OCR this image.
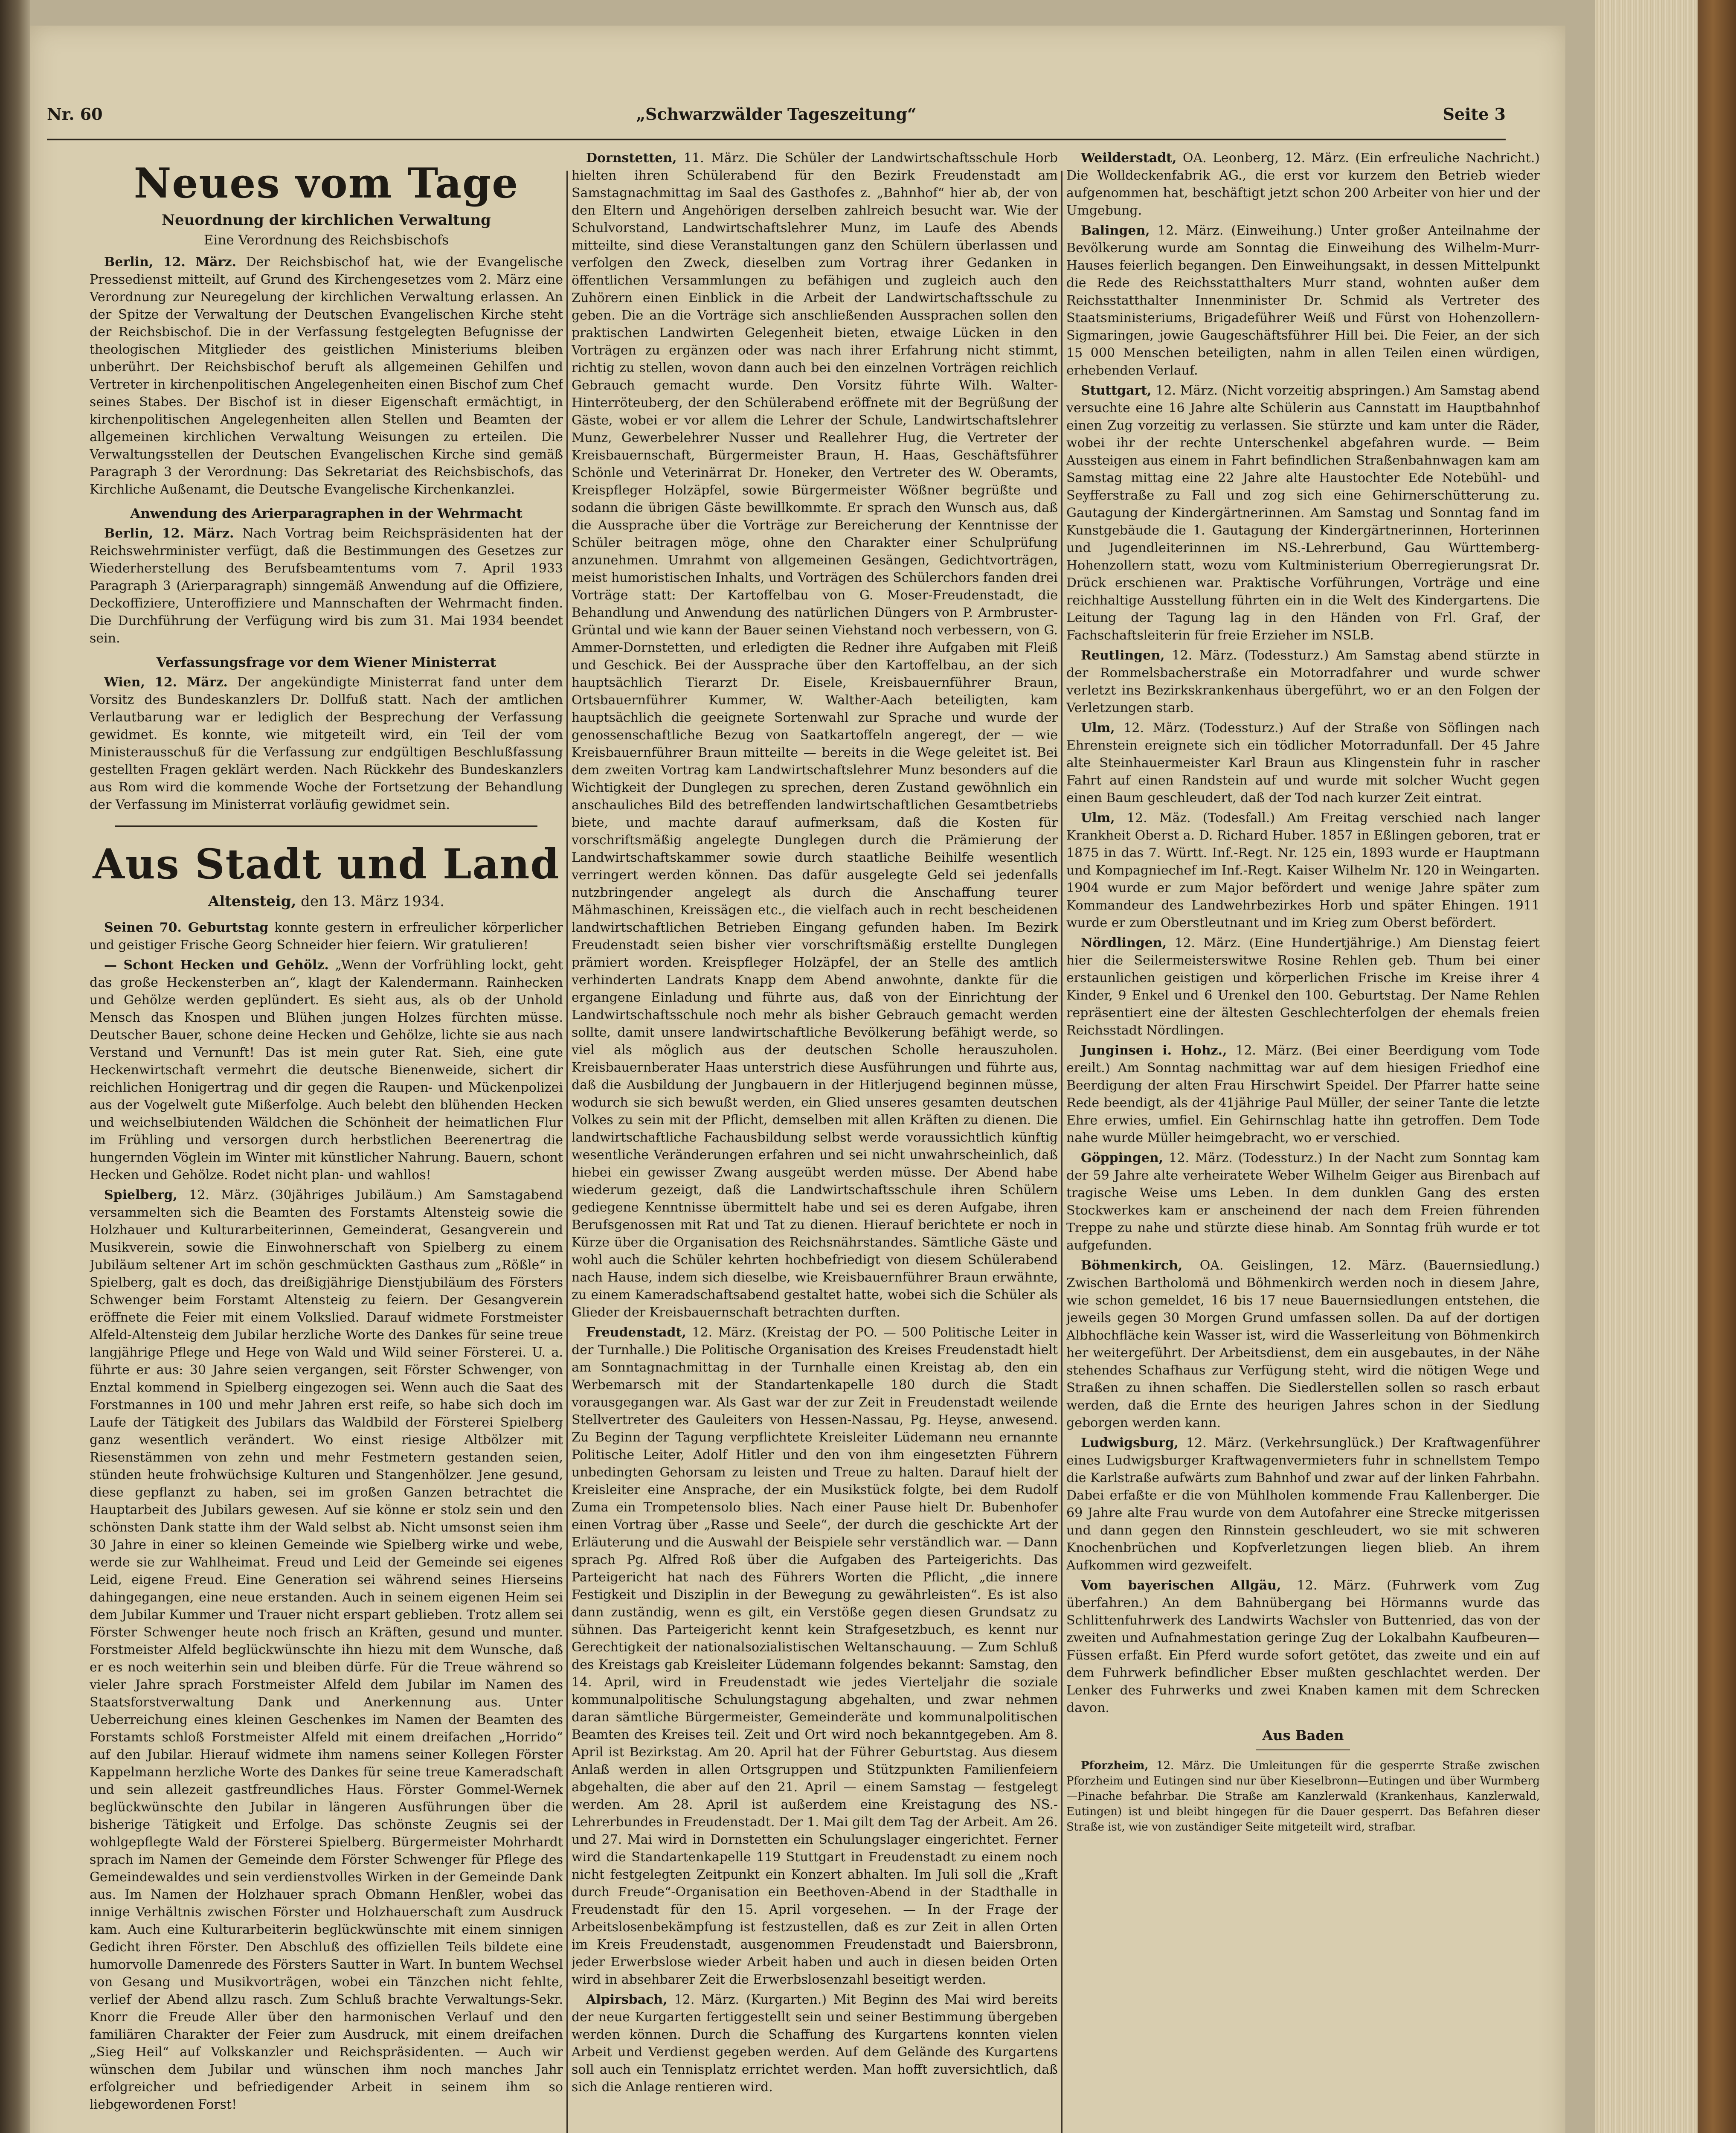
Nr. 60	„Schwarzwälder Tageszeitung“	Seite 3
Neues vom Tage
Neuordnung der kirchlichen Verwaltung
Eine Verordnung des Reichsbischofs

Berlin, 12. März. Der Reichsbischof hat, wie der Evangelische Pressedienst mitteilt, auf Grund des Kirchengesetzes vom 2. März eine Verordnung zur Neuregelung der kirchlichen Verwaltung erlassen. An der Spitze der Verwaltung der Deutschen Evangelischen Kirche steht der Reichsbischof. Die in der Verfassung festgelegten Befugnisse der theologischen Mitglieder des geistlichen Ministeriums bleiben unberührt. Der Reichsbischof beruft als allgemeinen Gehilfen und Vertreter in kirchenpolitischen Angelegenheiten einen Bischof zum Chef seines Stabes. Der Bischof ist in dieser Eigenschaft ermächtigt, in kirchenpolitischen Angelegenheiten allen Stellen und Beamten der allgemeinen kirchlichen Verwaltung Weisungen zu erteilen. Die Verwaltungsstellen der Deutschen Evangelischen Kirche sind gemäß Paragraph 3 der Verordnung: Das Sekretariat des Reichsbischofs, das Kirchliche Außenamt, die Deutsche Evangelische Kirchenkanzlei.

Anwendung des Arierparagraphen in der Wehrmacht

Berlin, 12. März. Nach Vortrag beim Reichspräsidenten hat der Reichswehrminister verfügt, daß die Bestimmungen des Gesetzes zur Wiederherstellung des Berufsbeamtentums vom 7. April 1933 Paragraph 3 (Arierparagraph) sinngemäß Anwendung auf die Offiziere, Deckoffiziere, Unteroffiziere und Mannschaften der Wehrmacht finden. Die Durchführung der Verfügung wird bis zum 31. Mai 1934 beendet sein.

Verfassungsfrage vor dem Wiener Ministerrat

Wien, 12. März. Der angekündigte Ministerrat fand unter dem Vorsitz des Bundeskanzlers Dr. Dollfuß statt. Nach der amtlichen Verlautbarung war er lediglich der Besprechung der Verfassung gewidmet. Es konnte, wie mitgeteilt wird, ein Teil der vom Ministerausschuß für die Verfassung zur endgültigen Beschlußfassung gestellten Fragen geklärt werden. Nach Rückkehr des Bundeskanzlers aus Rom wird die kommende Woche der Fortsetzung der Behandlung der Verfassung im Ministerrat vorläufig gewidmet sein.

Aus Stadt und Land
Altensteig, den 13. März 1934.

Seinen 70. Geburtstag konnte gestern in erfreulicher körperlicher und geistiger Frische Georg Schneider hier feiern. Wir gratulieren!

— Schont Hecken und Gehölz. „Wenn der Vorfrühling lockt, geht das große Heckensterben an“, klagt der Kalendermann. Rainhecken und Gehölze werden geplündert. Es sieht aus, als ob der Unhold Mensch das Knospen und Blühen jungen Holzes fürchten müsse. Deutscher Bauer, schone deine Hecken und Gehölze, lichte sie aus nach Verstand und Vernunft! Das ist mein guter Rat. Sieh, eine gute Heckenwirtschaft vermehrt die deutsche Bienenweide, sichert dir reichlichen Honigertrag und dir gegen die Raupen- und Mückenpolizei aus der Vogelwelt gute Mißerfolge. Auch belebt den blühenden Hecken und weichselbiutenden Wäldchen die Schönheit der heimatlichen Flur im Frühling und versorgen durch herbstlichen Beerenertrag die hungernden Vöglein im Winter mit künstlicher Nahrung. Bauern, schont Hecken und Gehölze. Rodet nicht plan- und wahllos!

Spielberg, 12. März. (30jähriges Jubiläum.) Am Samstagabend versammelten sich die Beamten des Forstamts Altensteig sowie die Holzhauer und Kulturarbeiterinnen, Gemeinderat, Gesangverein und Musikverein, sowie die Einwohnerschaft von Spielberg zu einem Jubiläum seltener Art im schön geschmückten Gasthaus zum „Rößle“ in Spielberg, galt es doch, das dreißigjährige Dienstjubiläum des Försters Schwenger beim Forstamt Altensteig zu feiern. Der Gesangverein eröffnete die Feier mit einem Volkslied. Darauf widmete Forstmeister Alfeld-Altensteig dem Jubilar herzliche Worte des Dankes für seine treue langjährige Pflege und Hege von Wald und Wild seiner Försterei. U. a. führte er aus: 30 Jahre seien vergangen, seit Förster Schwenger, von Enztal kommend in Spielberg eingezogen sei. Wenn auch die Saat des Forstmannes in 100 und mehr Jahren erst reife, so habe sich doch im Laufe der Tätigkeit des Jubilars das Waldbild der Försterei Spielberg ganz wesentlich verändert. Wo einst riesige Altbölzer mit Riesenstämmen von zehn und mehr Festmetern gestanden seien, stünden heute frohwüchsige Kulturen und Stangenhölzer. Jene gesund, diese gepflanzt zu haben, sei im großen Ganzen betrachtet die Hauptarbeit des Jubilars gewesen. Auf sie könne er stolz sein und den schönsten Dank statte ihm der Wald selbst ab. Nicht umsonst seien ihm 30 Jahre in einer so kleinen Gemeinde wie Spielberg wirke und webe, werde sie zur Wahlheimat. Freud und Leid der Gemeinde sei eigenes Leid, eigene Freud. Eine Generation sei während seines Hierseins dahingegangen, eine neue erstanden. Auch in seinem eigenen Heim sei dem Jubilar Kummer und Trauer nicht erspart geblieben. Trotz allem sei Förster Schwenger heute noch frisch an Kräften, gesund und munter. Forstmeister Alfeld beglückwünschte ihn hiezu mit dem Wunsche, daß er es noch weiterhin sein und bleiben dürfe. Für die Treue während so vieler Jahre sprach Forstmeister Alfeld dem Jubilar im Namen des Staatsforstverwaltung Dank und Anerkennung aus. Unter Ueberreichung eines kleinen Geschenkes im Namen der Beamten des Forstamts schloß Forstmeister Alfeld mit einem dreifachen „Horrido“ auf den Jubilar. Hierauf widmete ihm namens seiner Kollegen Förster Kappelmann herzliche Worte des Dankes für seine treue Kameradschaft und sein allezeit gastfreundliches Haus. Förster Gommel-Wernek beglückwünschte den Jubilar in längeren Ausführungen über die bisherige Tätigkeit und Erfolge. Das schönste Zeugnis sei der wohlgepflegte Wald der Försterei Spielberg. Bürgermeister Mohrhardt sprach im Namen der Gemeinde dem Förster Schwenger für Pflege des Gemeindewaldes und sein verdienstvolles Wirken in der Gemeinde Dank aus. Im Namen der Holzhauer sprach Obmann Henßler, wobei das innige Verhältnis zwischen Förster und Holzhauerschaft zum Ausdruck kam. Auch eine Kulturarbeiterin beglückwünschte mit einem sinnigen Gedicht ihren Förster. Den Abschluß des offiziellen Teils bildete eine humorvolle Damenrede des Försters Sautter in Wart. In buntem Wechsel von Gesang und Musikvorträgen, wobei ein Tänzchen nicht fehlte, verlief der Abend allzu rasch. Zum Schluß brachte Verwaltungs-Sekr. Knorr die Freude Aller über den harmonischen Verlauf und den familiären Charakter der Feier zum Ausdruck, mit einem dreifachen „Sieg Heil“ auf Volkskanzler und Reichspräsidenten. — Auch wir wünschen dem Jubilar und wünschen ihm noch manches Jahr erfolgreicher und befriedigender Arbeit in seinem ihm so liebgewordenen Forst!

Dornstetten, 11. März. Die Schüler der Landwirtschaftsschule Horb hielten ihren Schülerabend für den Bezirk Freudenstadt am Samstagnachmittag im Saal des Gasthofes z. „Bahnhof“ hier ab, der von den Eltern und Angehörigen derselben zahlreich besucht war. Wie der Schulvorstand, Landwirtschaftslehrer Munz, im Laufe des Abends mitteilte, sind diese Veranstaltungen ganz den Schülern überlassen und verfolgen den Zweck, dieselben zum Vortrag ihrer Gedanken in öffentlichen Versammlungen zu befähigen und zugleich auch den Zuhörern einen Einblick in die Arbeit der Landwirtschaftsschule zu geben. Die an die Vorträge sich anschließenden Aussprachen sollen den praktischen Landwirten Gelegenheit bieten, etwaige Lücken in den Vorträgen zu ergänzen oder was nach ihrer Erfahrung nicht stimmt, richtig zu stellen, wovon dann auch bei den einzelnen Vorträgen reichlich Gebrauch gemacht wurde. Den Vorsitz führte Wilh. Walter-Hinterröteuberg, der den Schülerabend eröffnete mit der Begrüßung der Gäste, wobei er vor allem die Lehrer der Schule, Landwirtschaftslehrer Munz, Gewerbelehrer Nusser und Reallehrer Hug, die Vertreter der Kreisbauernschaft, Bürgermeister Braun, H. Haas, Geschäftsführer Schönle und Veterinärrat Dr. Honeker, den Vertreter des W. Oberamts, Kreispfleger Holzäpfel, sowie Bürgermeister Wößner begrüßte und sodann die übrigen Gäste bewillkommte. Er sprach den Wunsch aus, daß die Aussprache über die Vorträge zur Bereicherung der Kenntnisse der Schüler beitragen möge, ohne den Charakter einer Schulprüfung anzunehmen. Umrahmt von allgemeinen Gesängen, Gedichtvorträgen, meist humoristischen Inhalts, und Vorträgen des Schülerchors fanden drei Vorträge statt: Der Kartoffelbau von G. Moser-Freudenstadt, die Behandlung und Anwendung des natürlichen Düngers von P. Armbruster-Grüntal und wie kann der Bauer seinen Viehstand noch verbessern, von G. Ammer-Dornstetten, und erledigten die Redner ihre Aufgaben mit Fleiß und Geschick. Bei der Aussprache über den Kartoffelbau, an der sich hauptsächlich Tierarzt Dr. Eisele, Kreisbauernführer Braun, Ortsbauernführer Kummer, W. Walther-Aach beteiligten, kam hauptsächlich die geeignete Sortenwahl zur Sprache und wurde der genossenschaftliche Bezug von Saatkartoffeln angeregt, der — wie Kreisbauernführer Braun mitteilte — bereits in die Wege geleitet ist. Bei dem zweiten Vortrag kam Landwirtschaftslehrer Munz besonders auf die Wichtigkeit der Dunglegen zu sprechen, deren Zustand gewöhnlich ein anschauliches Bild des betreffenden landwirtschaftlichen Gesamtbetriebs biete, und machte darauf aufmerksam, daß die Kosten für vorschriftsmäßig angelegte Dunglegen durch die Prämierung der Landwirtschaftskammer sowie durch staatliche Beihilfe wesentlich verringert werden können. Das dafür ausgelegte Geld sei jedenfalls nutzbringender angelegt als durch die Anschaffung teurer Mähmaschinen, Kreissägen etc., die vielfach auch in recht bescheidenen landwirtschaftlichen Betrieben Eingang gefunden haben. Im Bezirk Freudenstadt seien bisher vier vorschriftsmäßig erstellte Dunglegen prämiert worden. Kreispfleger Holzäpfel, der an Stelle des amtlich verhinderten Landrats Knapp dem Abend anwohnte, dankte für die ergangene Einladung und führte aus, daß von der Einrichtung der Landwirtschaftsschule noch mehr als bisher Gebrauch gemacht werden sollte, damit unsere landwirtschaftliche Bevölkerung befähigt werde, so viel als möglich aus der deutschen Scholle herauszuholen. Kreisbauernberater Haas unterstrich diese Ausführungen und führte aus, daß die Ausbildung der Jungbauern in der Hitlerjugend beginnen müsse, wodurch sie sich bewußt werden, ein Glied unseres gesamten deutschen Volkes zu sein mit der Pflicht, demselben mit allen Kräften zu dienen. Die landwirtschaftliche Fachausbildung selbst werde voraussichtlich künftig wesentliche Veränderungen erfahren und sei nicht unwahrscheinlich, daß hiebei ein gewisser Zwang ausgeübt werden müsse. Der Abend habe wiederum gezeigt, daß die Landwirtschaftsschule ihren Schülern gediegene Kenntnisse übermittelt habe und sei es deren Aufgabe, ihren Berufsgenossen mit Rat und Tat zu dienen. Hierauf berichtete er noch in Kürze über die Organisation des Reichsnährstandes. Sämtliche Gäste und wohl auch die Schüler kehrten hochbefriedigt von diesem Schülerabend nach Hause, indem sich dieselbe, wie Kreisbauernführer Braun erwähnte, zu einem Kameradschaftsabend gestaltet hatte, wobei sich die Schüler als Glieder der Kreisbauernschaft betrachten durften.

Freudenstadt, 12. März. (Kreistag der PO. — 500 Politische Leiter in der Turnhalle.) Die Politische Organisation des Kreises Freudenstadt hielt am Sonntagnachmittag in der Turnhalle einen Kreistag ab, den ein Werbemarsch mit der Standartenkapelle 180 durch die Stadt vorausgegangen war. Als Gast war der zur Zeit in Freudenstadt weilende Stellvertreter des Gauleiters von Hessen-Nassau, Pg. Heyse, anwesend. Zu Beginn der Tagung verpflichtete Kreisleiter Lüdemann neu ernannte Politische Leiter, Adolf Hitler und den von ihm eingesetzten Führern unbedingten Gehorsam zu leisten und Treue zu halten. Darauf hielt der Kreisleiter eine Ansprache, der ein Musikstück folgte, bei dem Rudolf Zuma ein Trompetensolo blies. Nach einer Pause hielt Dr. Bubenhofer einen Vortrag über „Rasse und Seele“, der durch die geschickte Art der Erläuterung und die Auswahl der Beispiele sehr verständlich war. — Dann sprach Pg. Alfred Roß über die Aufgaben des Parteigerichts. Das Parteigericht hat nach des Führers Worten die Pflicht, „die innere Festigkeit und Disziplin in der Bewegung zu gewährleisten“. Es ist also dann zuständig, wenn es gilt, ein Verstöße gegen diesen Grundsatz zu sühnen. Das Parteigericht kennt kein Strafgesetzbuch, es kennt nur Gerechtigkeit der nationalsozialistischen Weltanschauung. — Zum Schluß des Kreistags gab Kreisleiter Lüdemann folgendes bekannt: Samstag, den 14. April, wird in Freudenstadt wie jedes Vierteljahr die soziale kommunalpolitische Schulungstagung abgehalten, und zwar nehmen daran sämtliche Bürgermeister, Gemeinderäte und kommunalpolitischen Beamten des Kreises teil. Zeit und Ort wird noch bekanntgegeben. Am 8. April ist Bezirkstag. Am 20. April hat der Führer Geburtstag. Aus diesem Anlaß werden in allen Ortsgruppen und Stützpunkten Familienfeiern abgehalten, die aber auf den 21. April — einem Samstag — festgelegt werden. Am 28. April ist außerdem eine Kreistagung des NS.-Lehrerbundes in Freudenstadt. Der 1. Mai gilt dem Tag der Arbeit. Am 26. und 27. Mai wird in Dornstetten ein Schulungslager eingerichtet. Ferner wird die Standartenkapelle 119 Stuttgart in Freudenstadt zu einem noch nicht festgelegten Zeitpunkt ein Konzert abhalten. Im Juli soll die „Kraft durch Freude“-Organisation ein Beethoven-Abend in der Stadthalle in Freudenstadt für den 15. April vorgesehen. — In der Frage der Arbeitslosenbekämpfung ist festzustellen, daß es zur Zeit in allen Orten im Kreis Freudenstadt, ausgenommen Freudenstadt und Baiersbronn, jeder Erwerbslose wieder Arbeit haben und auch in diesen beiden Orten wird in absehbarer Zeit die Erwerbslosenzahl beseitigt werden.

Alpirsbach, 12. März. (Kurgarten.) Mit Beginn des Mai wird bereits der neue Kurgarten fertiggestellt sein und seiner Bestimmung übergeben werden können. Durch die Schaffung des Kurgartens konnten vielen Arbeit und Verdienst gegeben werden. Auf dem Gelände des Kurgartens soll auch ein Tennisplatz errichtet werden. Man hofft zuversichtlich, daß sich die Anlage rentieren wird.

Weilderstadt, OA. Leonberg, 12. März. (Ein erfreuliche Nachricht.) Die Wolldeckenfabrik AG., die erst vor kurzem den Betrieb wieder aufgenommen hat, beschäftigt jetzt schon 200 Arbeiter von hier und der Umgebung.

Balingen, 12. März. (Einweihung.) Unter großer Anteilnahme der Bevölkerung wurde am Sonntag die Einweihung des Wilhelm-Murr-Hauses feierlich begangen. Den Einweihungsakt, in dessen Mittelpunkt die Rede des Reichsstatthalters Murr stand, wohnten außer dem Reichsstatthalter Innenminister Dr. Schmid als Vertreter des Staatsministeriums, Brigadeführer Weiß und Fürst von Hohenzollern-Sigmaringen, jowie Gaugeschäftsführer Hill bei. Die Feier, an der sich 15 000 Menschen beteiligten, nahm in allen Teilen einen würdigen, erhebenden Verlauf.

Stuttgart, 12. März. (Nicht vorzeitig abspringen.) Am Samstag abend versuchte eine 16 Jahre alte Schülerin aus Cannstatt im Hauptbahnhof einen Zug vorzeitig zu verlassen. Sie stürzte und kam unter die Räder, wobei ihr der rechte Unterschenkel abgefahren wurde. — Beim Aussteigen aus einem in Fahrt befindlichen Straßenbahnwagen kam am Samstag mittag eine 22 Jahre alte Haustochter Ede Notebühl- und Seyfferstraße zu Fall und zog sich eine Gehirnerschütterung zu. Gautagung der Kindergärtnerinnen. Am Samstag und Sonntag fand im Kunstgebäude die 1. Gautagung der Kindergärtnerinnen, Horterinnen und Jugendleiterinnen im NS.-Lehrerbund, Gau Württemberg-Hohenzollern statt, wozu vom Kultministerium Oberregierungsrat Dr. Drück erschienen war. Praktische Vorführungen, Vorträge und eine reichhaltige Ausstellung führten ein in die Welt des Kindergartens. Die Leitung der Tagung lag in den Händen von Frl. Graf, der Fachschaftsleiterin für freie Erzieher im NSLB.

Reutlingen, 12. März. (Todessturz.) Am Samstag abend stürzte in der Rommelsbacherstraße ein Motorradfahrer und wurde schwer verletzt ins Bezirkskrankenhaus übergeführt, wo er an den Folgen der Verletzungen starb.

Ulm, 12. März. (Todessturz.) Auf der Straße von Söflingen nach Ehrenstein ereignete sich ein tödlicher Motorradunfall. Der 45 Jahre alte Steinhauermeister Karl Braun aus Klingenstein fuhr in rascher Fahrt auf einen Randstein auf und wurde mit solcher Wucht gegen einen Baum geschleudert, daß der Tod nach kurzer Zeit eintrat.

Ulm, 12. Mäz. (Todesfall.) Am Freitag verschied nach langer Krankheit Oberst a. D. Richard Huber. 1857 in Eßlingen geboren, trat er 1875 in das 7. Württ. Inf.-Regt. Nr. 125 ein, 1893 wurde er Hauptmann und Kompagniechef im Inf.-Regt. Kaiser Wilhelm Nr. 120 in Weingarten. 1904 wurde er zum Major befördert und wenige Jahre später zum Kommandeur des Landwehrbezirkes Horb und später Ehingen. 1911 wurde er zum Oberstleutnant und im Krieg zum Oberst befördert.

Nördlingen, 12. März. (Eine Hundertjährige.) Am Dienstag feiert hier die Seilermeisterswitwe Rosine Rehlen geb. Thum bei einer erstaunlichen geistigen und körperlichen Frische im Kreise ihrer 4 Kinder, 9 Enkel und 6 Urenkel den 100. Geburtstag. Der Name Rehlen repräsentiert eine der ältesten Geschlechterfolgen der ehemals freien Reichsstadt Nördlingen.

Junginsen i. Hohz., 12. März. (Bei einer Beerdigung vom Tode ereilt.) Am Sonntag nachmittag war auf dem hiesigen Friedhof eine Beerdigung der alten Frau Hirschwirt Speidel. Der Pfarrer hatte seine Rede beendigt, als der 41jährige Paul Müller, der seiner Tante die letzte Ehre erwies, umfiel. Ein Gehirnschlag hatte ihn getroffen. Dem Tode nahe wurde Müller heimgebracht, wo er verschied.

Göppingen, 12. März. (Todessturz.) In der Nacht zum Sonntag kam der 59 Jahre alte verheiratete Weber Wilhelm Geiger aus Birenbach auf tragische Weise ums Leben. In dem dunklen Gang des ersten Stockwerkes kam er anscheinend der nach dem Freien führenden Treppe zu nahe und stürzte diese hinab. Am Sonntag früh wurde er tot aufgefunden.

Böhmenkirch, OA. Geislingen, 12. März. (Bauernsiedlung.) Zwischen Bartholomä und Böhmenkirch werden noch in diesem Jahre, wie schon gemeldet, 16 bis 17 neue Bauernsiedlungen entstehen, die jeweils gegen 30 Morgen Grund umfassen sollen. Da auf der dortigen Albhochfläche kein Wasser ist, wird die Wasserleitung von Böhmenkirch her weitergeführt. Der Arbeitsdienst, dem ein ausgebautes, in der Nähe stehendes Schafhaus zur Verfügung steht, wird die nötigen Wege und Straßen zu ihnen schaffen. Die Siedlerstellen sollen so rasch erbaut werden, daß die Ernte des heurigen Jahres schon in der Siedlung geborgen werden kann.

Ludwigsburg, 12. März. (Verkehrsunglück.) Der Kraftwagenführer eines Ludwigsburger Kraftwagenvermieters fuhr in schnellstem Tempo die Karlstraße aufwärts zum Bahnhof und zwar auf der linken Fahrbahn. Dabei erfaßte er die von Mühlholen kommende Frau Kallenberger. Die 69 Jahre alte Frau wurde von dem Autofahrer eine Strecke mitgerissen und dann gegen den Rinnstein geschleudert, wo sie mit schweren Knochenbrüchen und Kopfverletzungen liegen blieb. An ihrem Aufkommen wird gezweifelt.

Vom bayerischen Allgäu, 12. März. (Fuhrwerk vom Zug überfahren.) An dem Bahnübergang bei Hörmanns wurde das Schlittenfuhrwerk des Landwirts Wachsler von Buttenried, das von der zweiten und Aufnahmestation geringe Zug der Lokalbahn Kaufbeuren—Füssen erfaßt. Ein Pferd wurde sofort getötet, das zweite und ein auf dem Fuhrwerk befindlicher Ebser mußten geschlachtet werden. Der Lenker des Fuhrwerks und zwei Knaben kamen mit dem Schrecken davon.

Aus Baden

Pforzheim, 12. März. Die Umleitungen für die gesperrte Straße zwischen Pforzheim und Eutingen sind nur über Kieselbronn—Eutingen und über Wurmberg—Pinache befahrbar. Die Straße am Kanzlerwald (Krankenhaus, Kanzlerwald, Eutingen) ist und bleibt hingegen für die Dauer gesperrt. Das Befahren dieser Straße ist, wie von zuständiger Seite mitgeteilt wird, strafbar.
